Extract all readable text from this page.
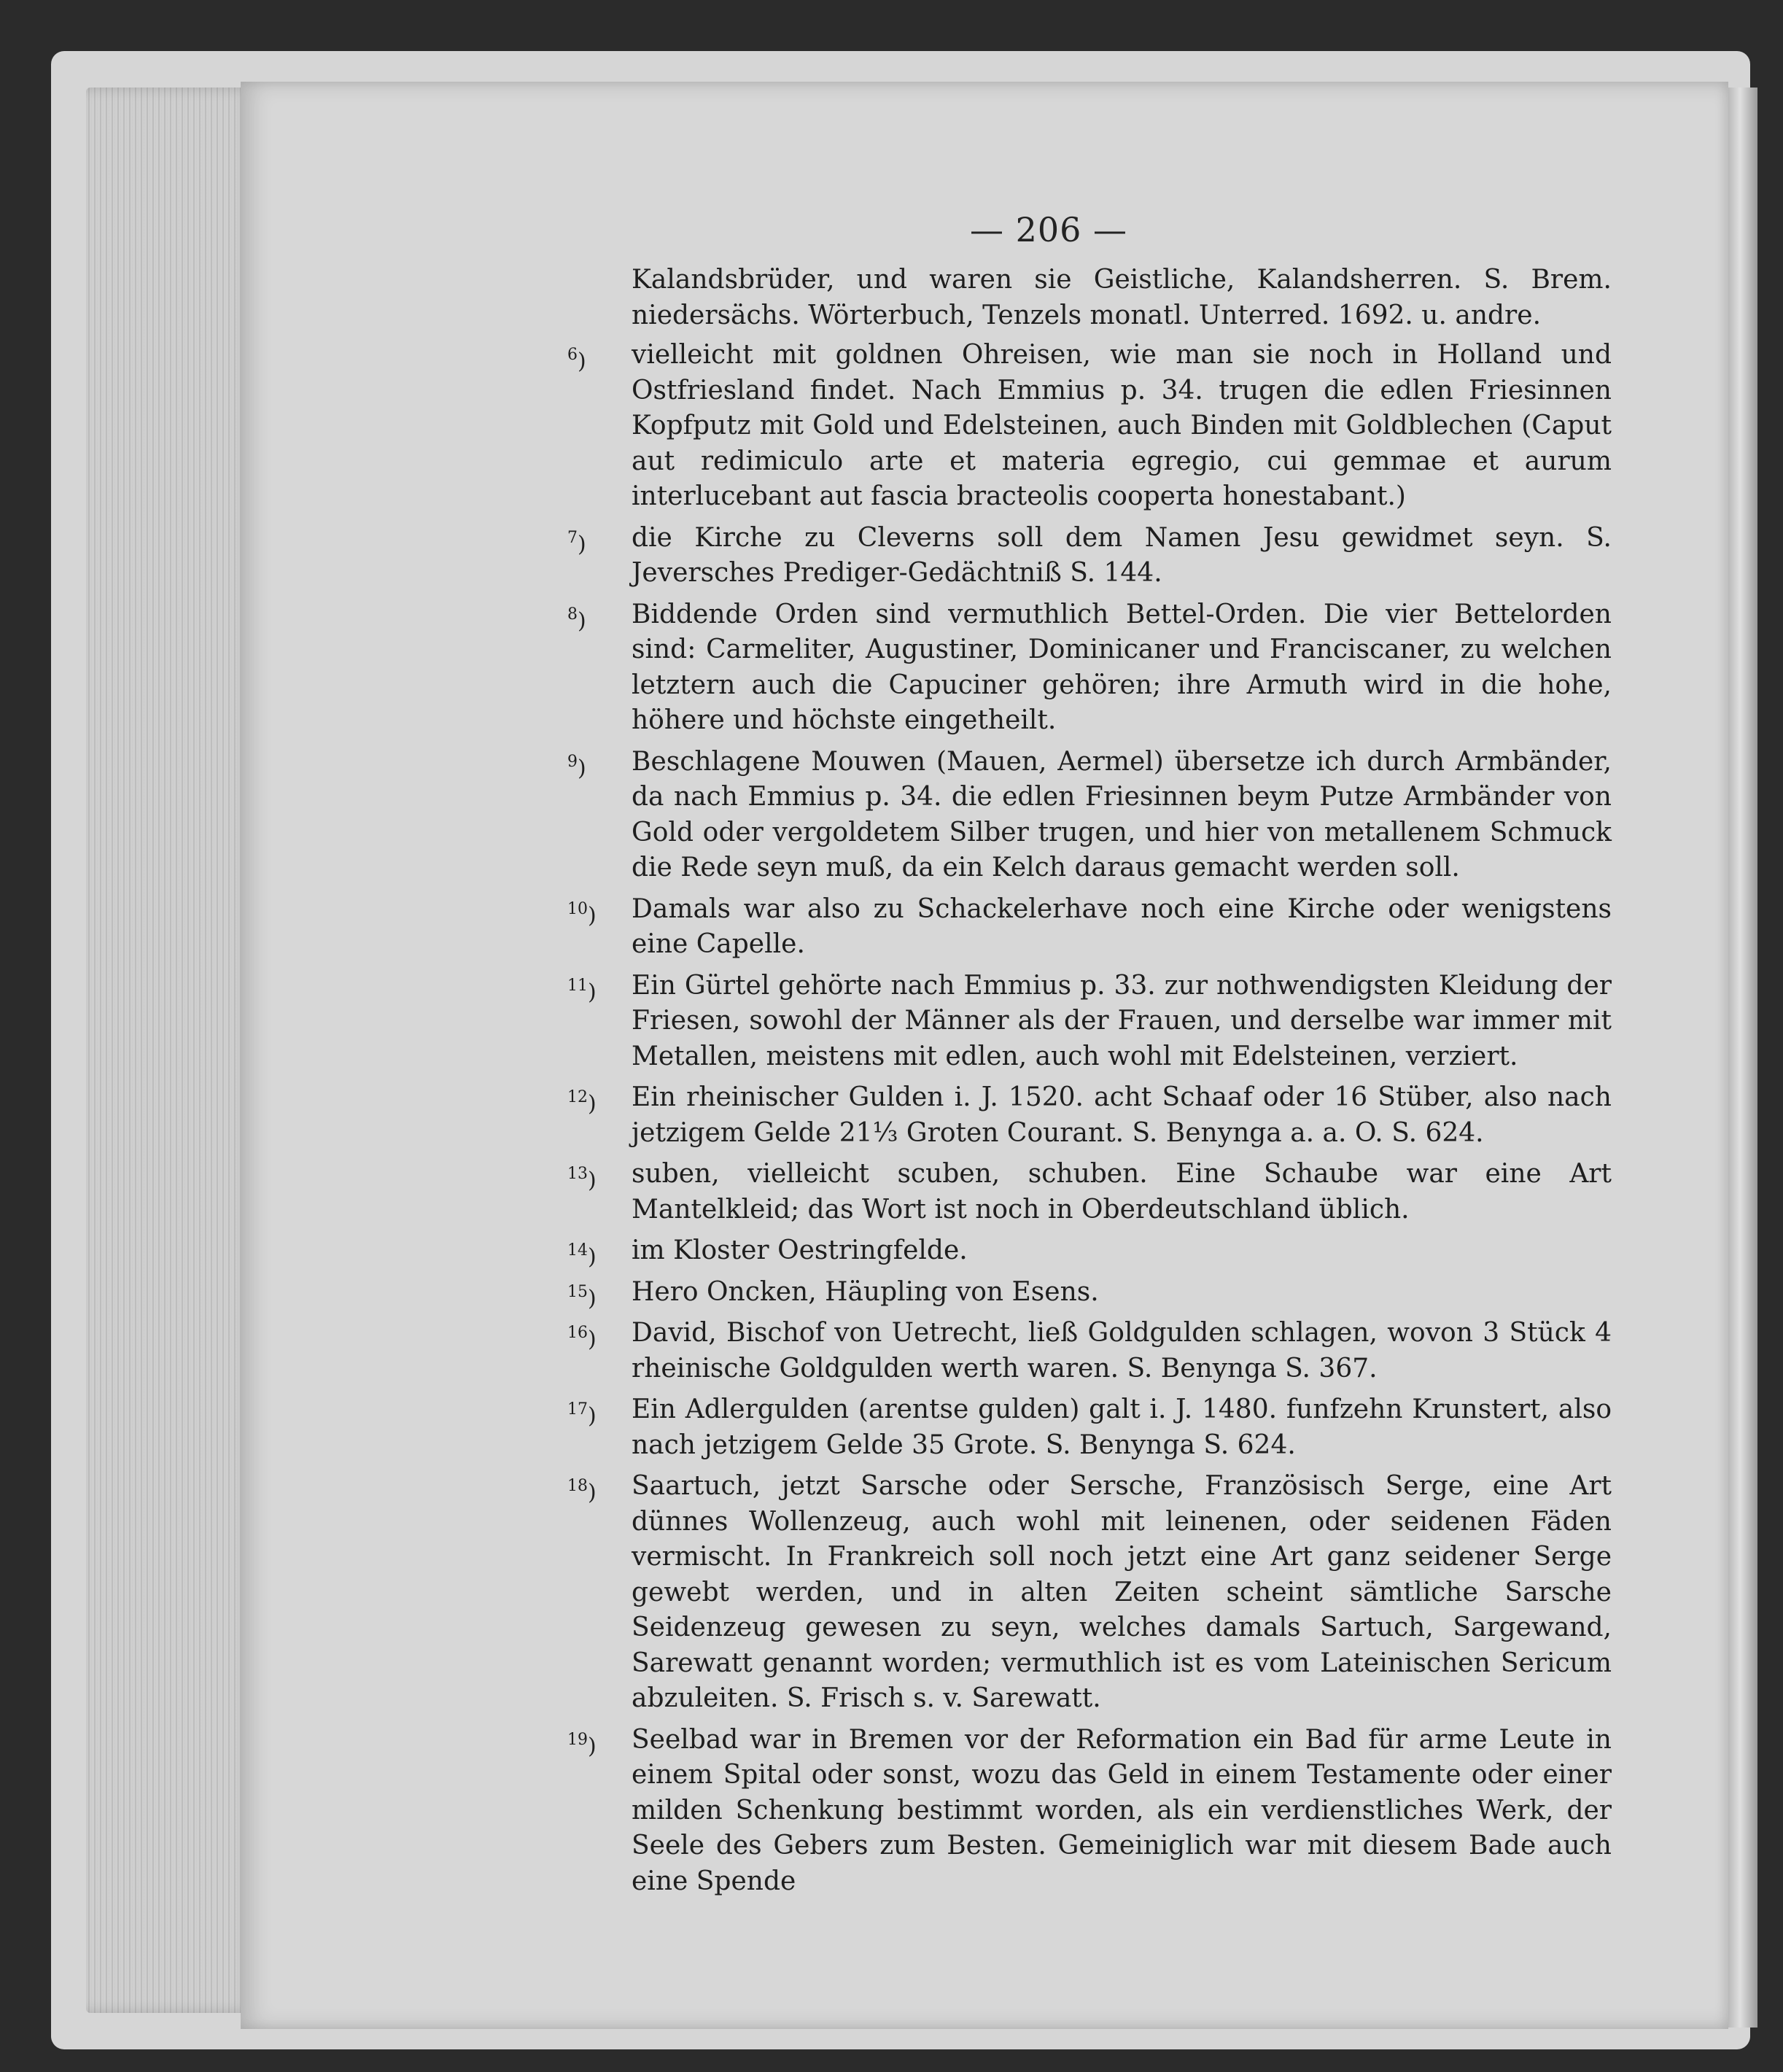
— 206 —
Kalandsbrüder, und waren sie Geistliche, Kalandsherren. S. Brem. niedersächs. Wörterbuch, Tenzels monatl. Unterred. 1692. u. andre.
$^6$) vielleicht mit goldnen Ohreisen, wie man sie noch in Holland und Ostfriesland findet. Nach Emmius p. 34. trugen die edlen Friesinnen Kopfputz mit Gold und Edelsteinen, auch Binden mit Goldblechen (Caput aut redimiculo arte et materia egregio, cui gemmae et aurum interlucebant aut fascia bracteolis cooperta honestabant.)
$^7$) die Kirche zu Cleverns soll dem Namen Jesu gewidmet seyn. S. Jeversches Prediger-Gedächtniß S. 144.
$^8$) Biddende Orden sind vermuthlich Bettel-Orden. Die vier Bettelorden sind: Carmeliter, Augustiner, Dominicaner und Franciscaner, zu welchen letztern auch die Capuciner gehören; ihre Armuth wird in die hohe, höhere und höchste eingetheilt.
$^9$) Beschlagene Mouwen (Mauen, Aermel) übersetze ich durch Armbänder, da nach Emmius p. 34. die edlen Friesinnen beym Putze Armbänder von Gold oder vergoldetem Silber trugen, und hier von metallenem Schmuck die Rede seyn muß, da ein Kelch daraus gemacht werden soll.
$^{10}$) Damals war also zu Schackelerhave noch eine Kirche oder wenigstens eine Capelle.
$^{11}$) Ein Gürtel gehörte nach Emmius p. 33. zur nothwendigsten Kleidung der Friesen, sowohl der Männer als der Frauen, und derselbe war immer mit Metallen, meistens mit edlen, auch wohl mit Edelsteinen, verziert.
$^{12}$) Ein rheinischer Gulden i. J. 1520. acht Schaaf oder 16 Stüber, also nach jetzigem Gelde 21⅓ Groten Courant. S. Benynga a. a. O. S. 624.
$^{13}$) suben, vielleicht scuben, schuben. Eine Schaube war eine Art Mantelkleid; das Wort ist noch in Oberdeutschland üblich.
$^{14}$) im Kloster Oestringfelde.
$^{15}$) Hero Oncken, Häupling von Esens.
$^{16}$) David, Bischof von Uetrecht, ließ Goldgulden schlagen, wovon 3 Stück 4 rheinische Goldgulden werth waren. S. Benynga S. 367.
$^{17}$) Ein Adlergulden (arentse gulden) galt i. J. 1480. funfzehn Krunstert, also nach jetzigem Gelde 35 Grote. S. Benynga S. 624.
$^{18}$) Saartuch, jetzt Sarsche oder Sersche, Französisch Serge, eine Art dünnes Wollenzeug, auch wohl mit leinenen, oder seidenen Fäden vermischt. In Frankreich soll noch jetzt eine Art ganz seidener Serge gewebt werden, und in alten Zeiten scheint sämtliche Sarsche Seidenzeug gewesen zu seyn, welches damals Sartuch, Sargewand, Sarewatt genannt worden; vermuthlich ist es vom Lateinischen Sericum abzuleiten. S. Frisch s. v. Sarewatt.
$^{19}$) Seelbad war in Bremen vor der Reformation ein Bad für arme Leute in einem Spital oder sonst, wozu das Geld in einem Testamente oder einer milden Schenkung bestimmt worden, als ein verdienstliches Werk, der Seele des Gebers zum Besten. Gemeiniglich war mit diesem Bade auch eine Spende
